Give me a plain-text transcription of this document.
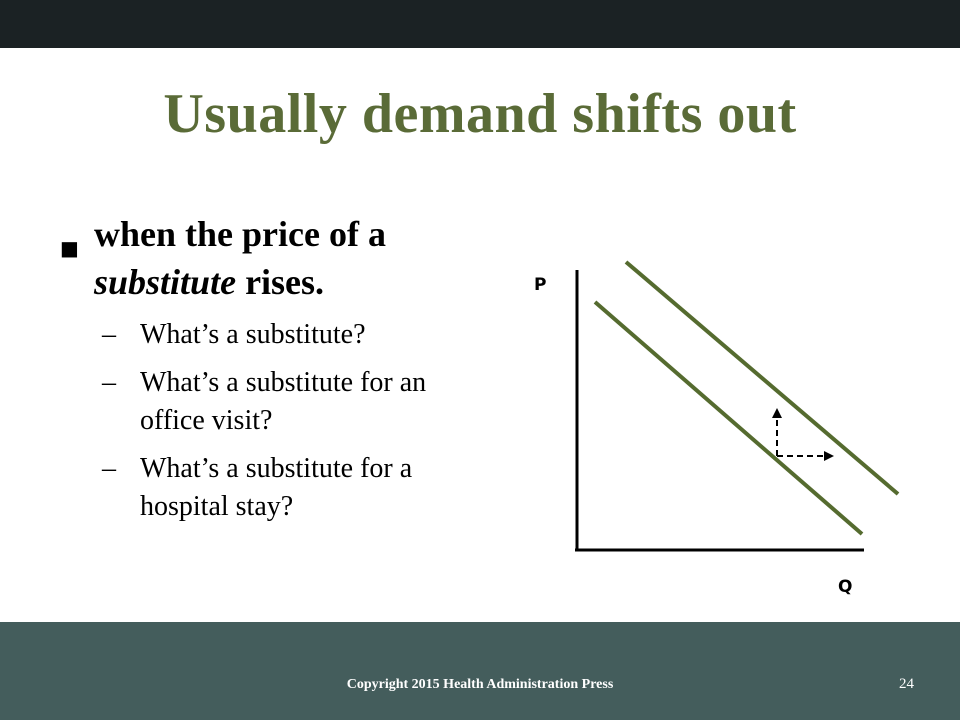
Usually demand shifts out
■ when the price of a substitute rises.
– What’s a substitute?
– What’s a substitute for an office visit?
– What’s a substitute for a hospital stay?
P
Q
Copyright 2015 Health Administration Press	24
